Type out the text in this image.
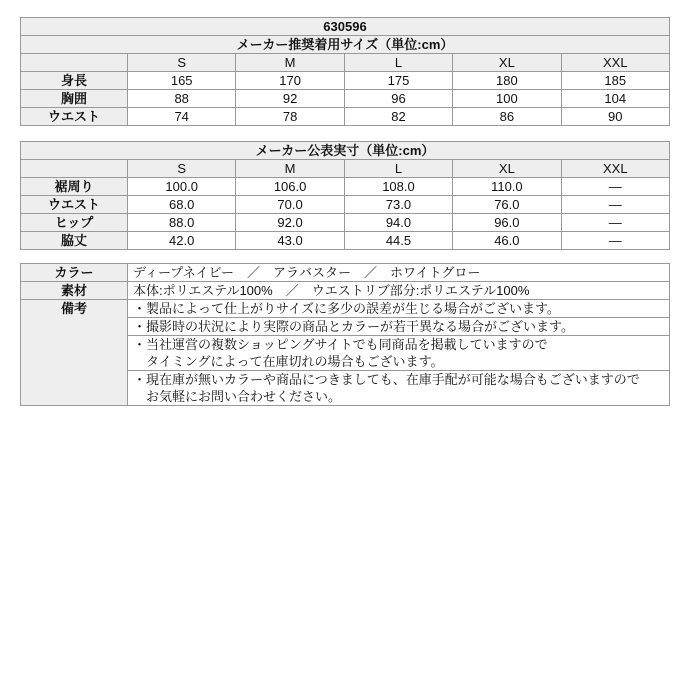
630596					
メーカー推奨着用サイズ（単位:cm）					
	S	M	L	XL	XXL
身長	165	170	175	180	185
胸囲	88	92	96	100	104
ウエスト	74	78	82	86	90
メーカー公表実寸（単位:cm）					
	S	M	L	XL	XXL
裾周り	100.0	106.0	108.0	110.0	―
ウエスト	68.0	70.0	73.0	76.0	―
ヒップ	88.0	92.0	94.0	96.0	―
脇丈	42.0	43.0	44.5	46.0	―
カラー	ディープネイビー　／　アラバスター　／　ホワイトグロー
素材	本体:ポリエステル100%　／　ウエストリブ部分:ポリエステル100%
備考	・製品によって仕上がりサイズに多少の誤差が生じる場合がございます。

	・撮影時の状況により実際の商品とカラーが若干異なる場合がございます。

	・当社運営の複数ショッピングサイトでも同商品を掲載していますので
タイミングによって在庫切れの場合もございます。

	・現在庫が無いカラーや商品につきましても、在庫手配が可能な場合もございますので
お気軽にお問い合わせください。
